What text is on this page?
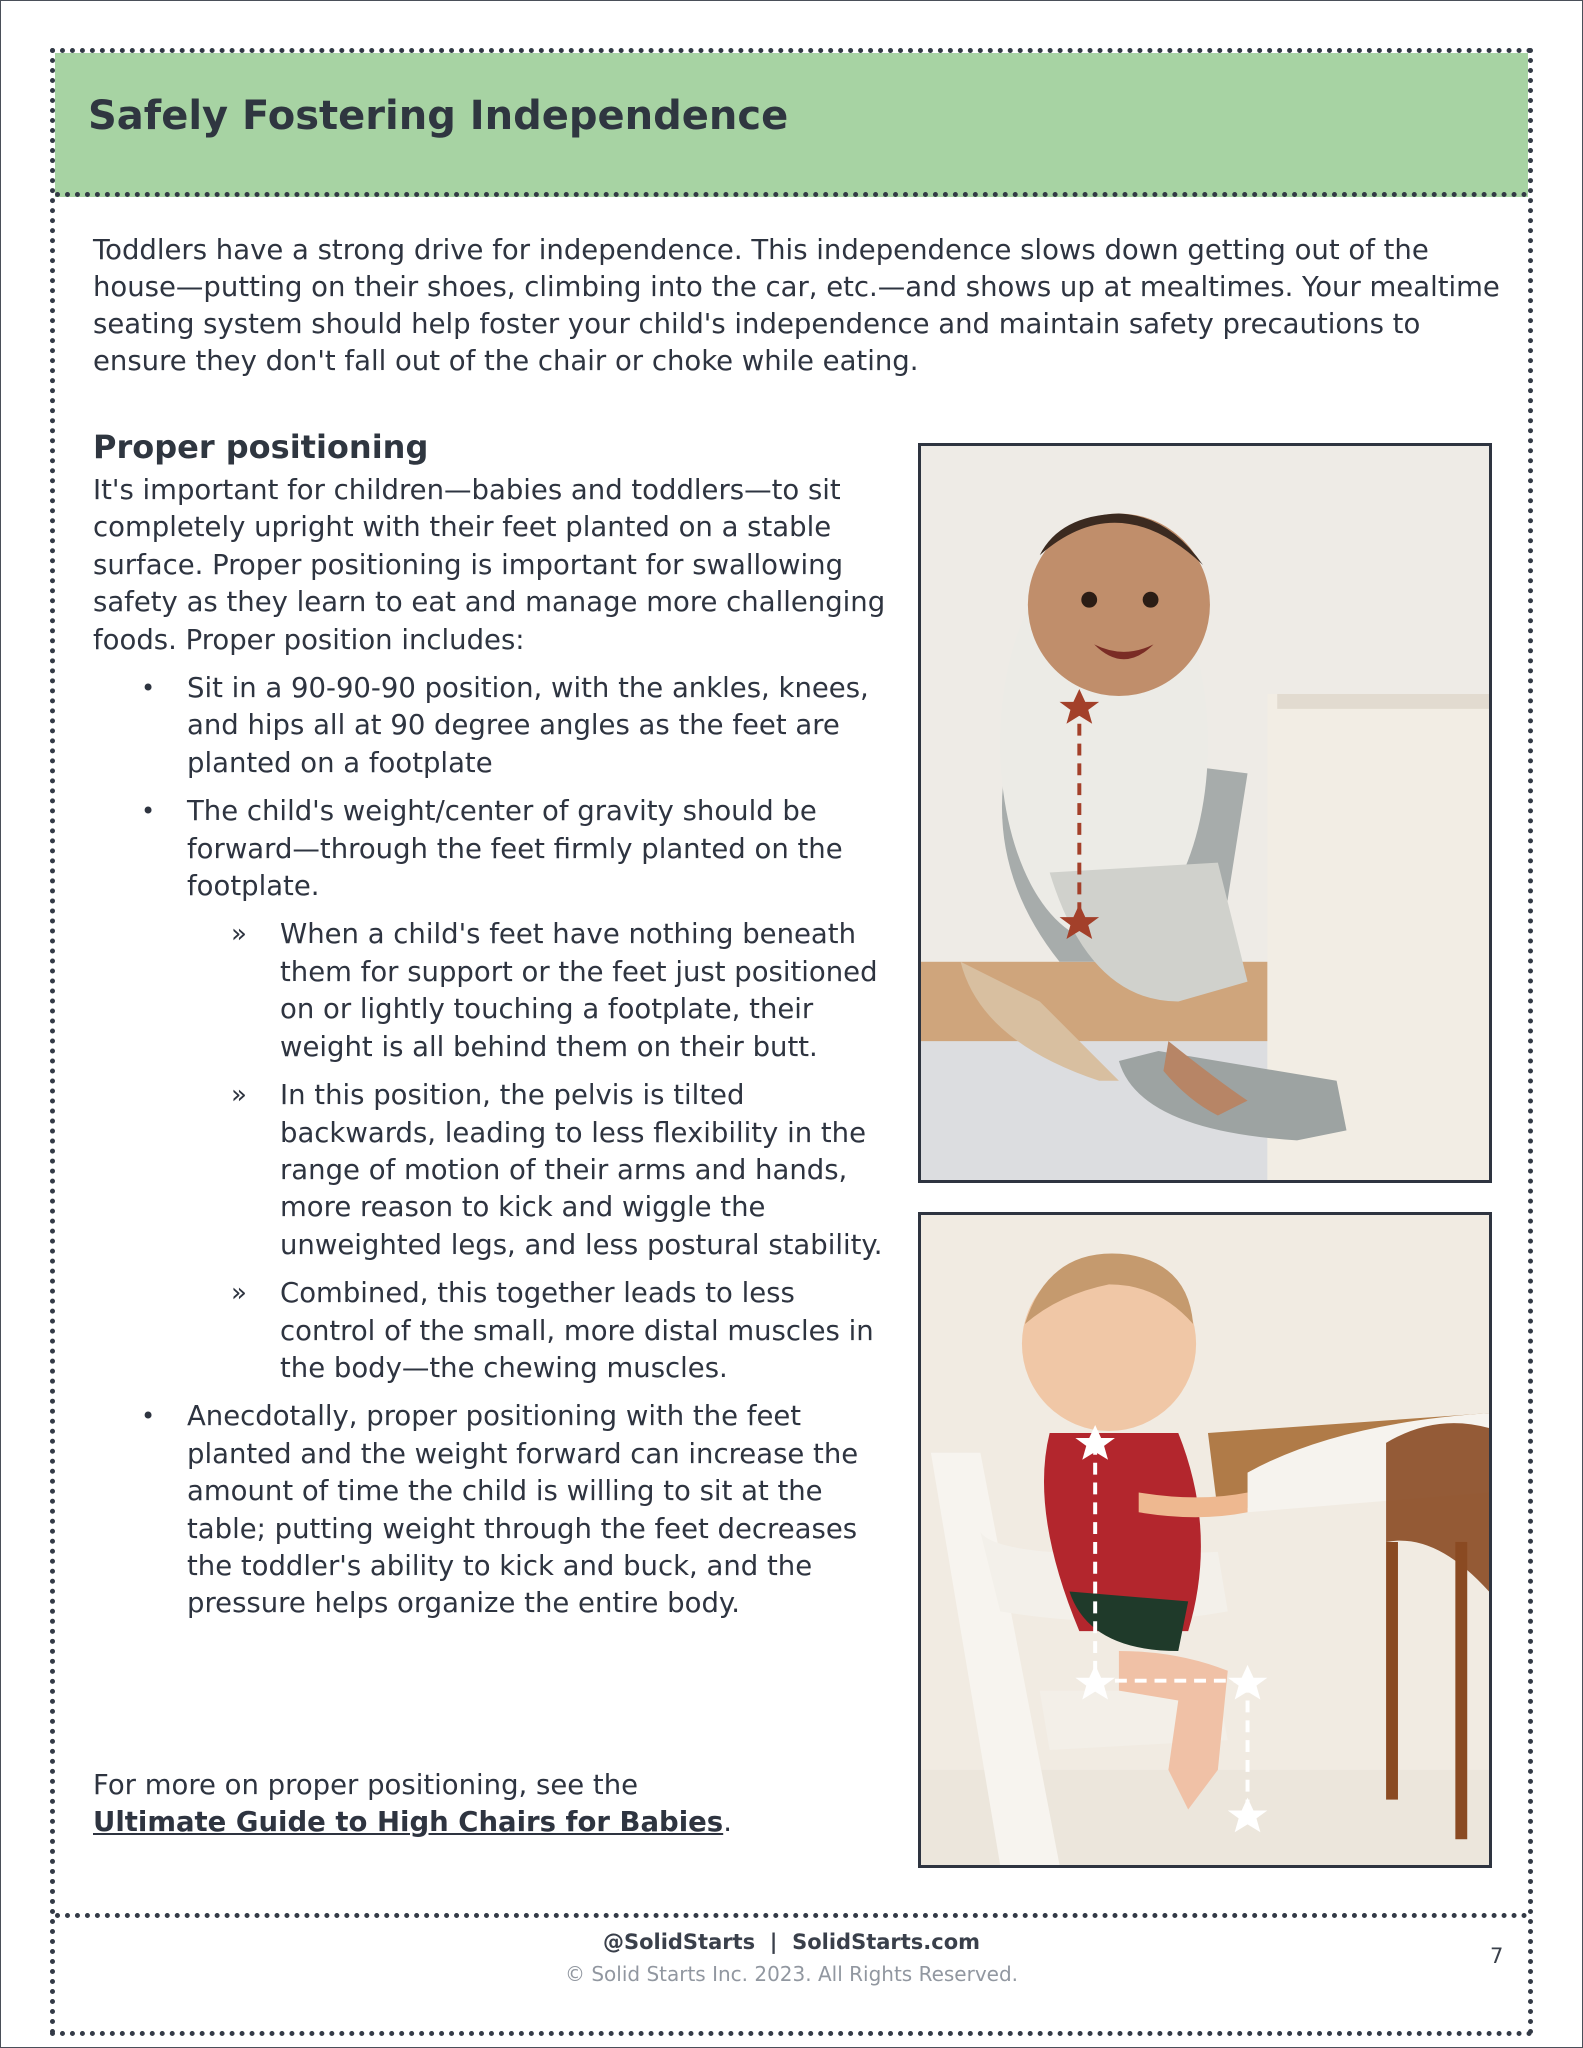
Safely Fostering Independence

Toddlers have a strong drive for independence. This independence slows down getting out of the house—putting on their shoes, climbing into the car, etc.—and shows up at mealtimes. Your mealtime seating system should help foster your child's independence and maintain safety precautions to ensure they don't fall out of the chair or choke while eating.

Proper positioning

It's important for children—babies and toddlers—to sit completely upright with their feet planted on a stable surface. Proper positioning is important for swallowing safety as they learn to eat and manage more challenging foods. Proper position includes:

• Sit in a 90-90-90 position, with the ankles, knees, and hips all at 90 degree angles as the feet are planted on a footplate
• The child's weight/center of gravity should be forward—through the feet firmly planted on the footplate.
» When a child's feet have nothing beneath them for support or the feet just positioned on or lightly touching a footplate, their weight is all behind them on their butt.
» In this position, the pelvis is tilted backwards, leading to less flexibility in the range of motion of their arms and hands, more reason to kick and wiggle the unweighted legs, and less postural stability.
» Combined, this together leads to less control of the small, more distal muscles in the body—the chewing muscles.
• Anecdotally, proper positioning with the feet planted and the weight forward can increase the amount of time the child is willing to sit at the table; putting weight through the feet decreases the toddler's ability to kick and buck, and the pressure helps organize the entire body.

For more on proper positioning, see the
Ultimate Guide to High Chairs for Babies.

@SolidStarts | SolidStarts.com
© Solid Starts Inc. 2023. All Rights Reserved.
7
